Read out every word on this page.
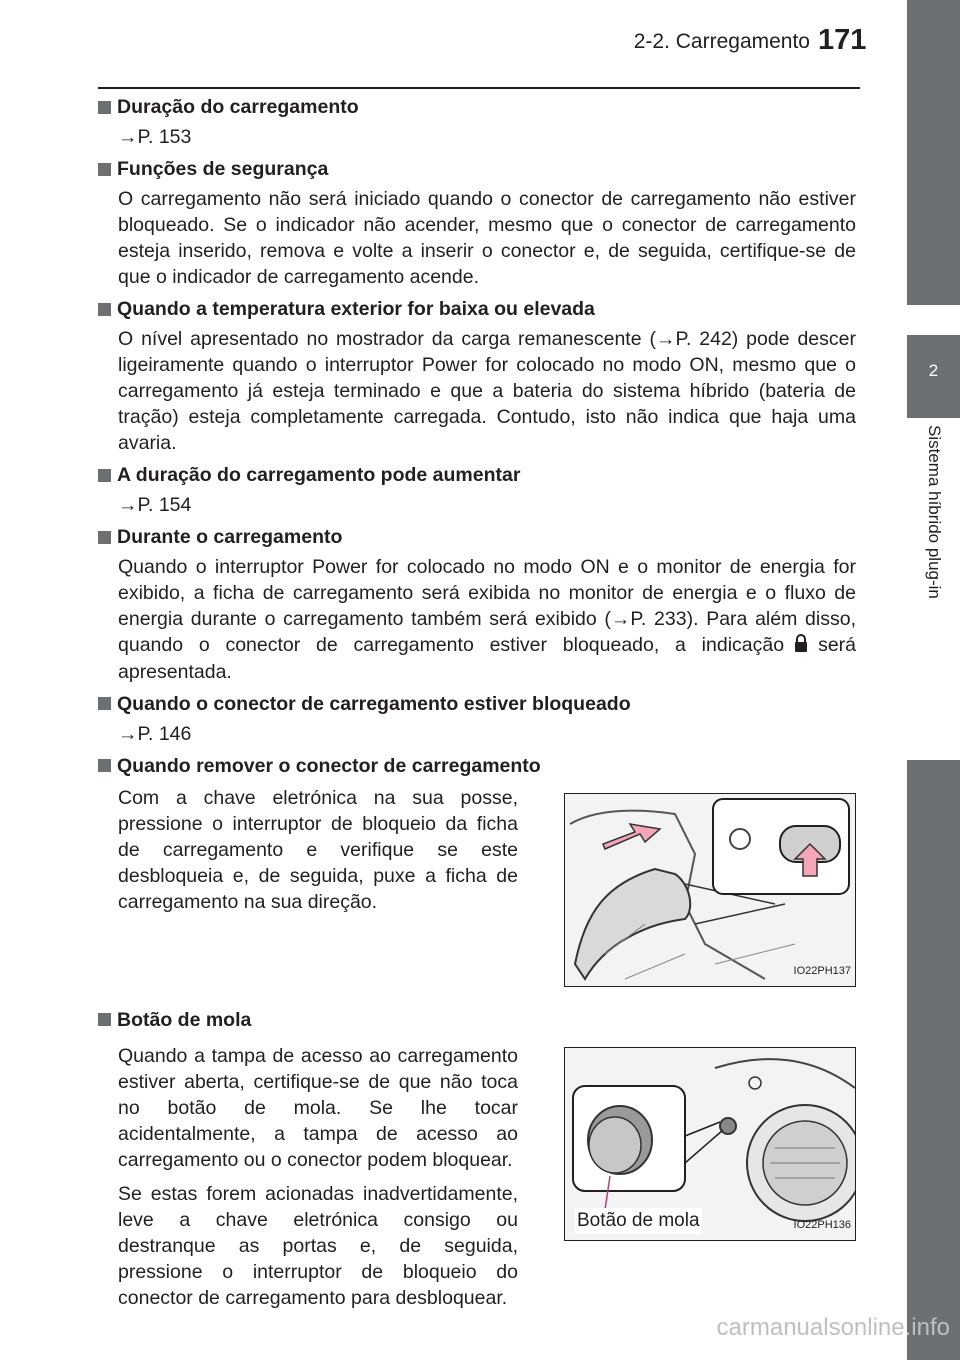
2-2. Carregamento 171
2
Sistema híbrido plug-in
Duração do carregamento
→P. 153
Funções de segurança
O carregamento não será iniciado quando o conector de carregamento não estiver bloqueado. Se o indicador não acender, mesmo que o conector de carregamento esteja inserido, remova e volte a inserir o conector e, de seguida, certifique-se de que o indicador de carregamento acende.
Quando a temperatura exterior for baixa ou elevada
O nível apresentado no mostrador da carga remanescente (→P. 242) pode descer ligeiramente quando o interruptor Power for colocado no modo ON, mesmo que o carregamento já esteja terminado e que a bateria do sistema híbrido (bateria de tração) esteja completamente carregada. Contudo, isto não indica que haja uma avaria.
A duração do carregamento pode aumentar
→P. 154
Durante o carregamento
Quando o interruptor Power for colocado no modo ON e o monitor de energia for exibido, a ficha de carregamento será exibida no monitor de energia e o fluxo de energia durante o carregamento também será exibido (→P. 233). Para além disso, quando o conector de carregamento estiver bloqueado, a indicação será apresentada.
Quando o conector de carregamento estiver bloqueado
→P. 146
Quando remover o conector de carregamento
Com a chave eletrónica na sua posse, pressione o interruptor de bloqueio da ficha de carregamento e verifique se este desbloqueia e, de seguida, puxe a ficha de carregamento na sua direção.
IO22PH137
Botão de mola
Quando a tampa de acesso ao carregamento estiver aberta, certifique-se de que não toca no botão de mola. Se lhe tocar acidentalmente, a tampa de acesso ao carregamento ou o conector podem bloquear.
Se estas forem acionadas inadvertidamente, leve a chave eletrónica consigo ou destranque as portas e, de seguida, pressione o interruptor de bloqueio do conector de carregamento para desbloquear.
Botão de mola	IO22PH136
carmanualsonline.info
